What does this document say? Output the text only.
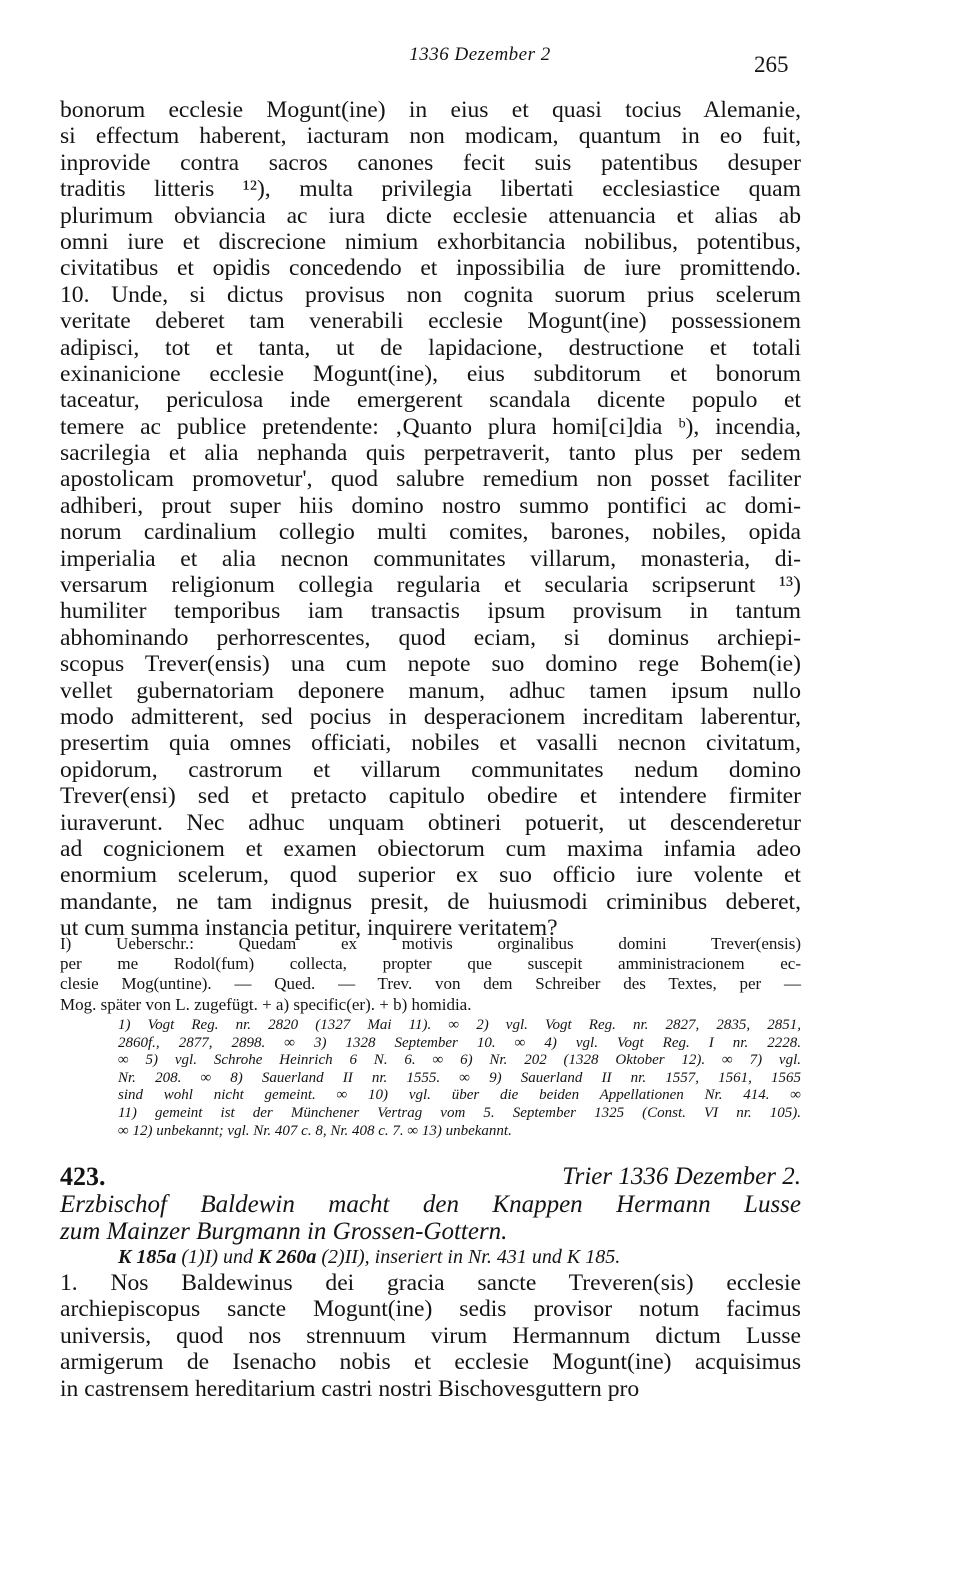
1336 Dezember 2	265
bonorum ecclesie Mogunt(ine) in eius et quasi tocius Alemanie,
si effectum haberent, iacturam non modicam, quantum in eo fuit,
inprovide contra sacros canones fecit suis patentibus desuper
traditis litteris ¹²), multa privilegia libertati ecclesiastice quam
plurimum obviancia ac iura dicte ecclesie attenuancia et alias ab
omni iure et discrecione nimium exhorbitancia nobilibus, potentibus,
civitatibus et opidis concedendo et inpossibilia de iure promittendo.
10. Unde, si dictus provisus non cognita suorum prius scelerum
veritate deberet tam venerabili ecclesie Mogunt(ine) possessionem
adipisci, tot et tanta, ut de lapidacione, destructione et totali
exinanicione ecclesie Mogunt(ine), eius subditorum et bonorum
taceatur, periculosa inde emergerent scandala dicente populo et
temere ac publice pretendente: ‚Quanto plura homi[ci]dia ᵇ), incendia,
sacrilegia et alia nephanda quis perpetraverit, tanto plus per sedem
apostolicam promovetur', quod salubre remedium non posset faciliter
adhiberi, prout super hiis domino nostro summo pontifici ac domi-
norum cardinalium collegio multi comites, barones, nobiles, opida
imperialia et alia necnon communitates villarum, monasteria, di-
versarum religionum collegia regularia et secularia scripserunt ¹³)
humiliter temporibus iam transactis ipsum provisum in tantum
abhominando perhorrescentes, quod eciam, si dominus archiepi-
scopus Trever(ensis) una cum nepote suo domino rege Bohem(ie)
vellet gubernatoriam deponere manum, adhuc tamen ipsum nullo
modo admitterent, sed pocius in desperacionem increditam laberentur,
presertim quia omnes officiati, nobiles et vasalli necnon civitatum,
opidorum, castrorum et villarum communitates nedum domino
Trever(ensi) sed et pretacto capitulo obedire et intendere firmiter
iuraverunt. Nec adhuc unquam obtineri potuerit, ut descenderetur
ad cognicionem et examen obiectorum cum maxima infamia adeo
enormium scelerum, quod superior ex suo officio iure volente et
mandante, ne tam indignus presit, de huiusmodi criminibus deberet,
ut cum summa instancia petitur, inquirere veritatem?
I) Ueberschr.: Quedam ex motivis orginalibus domini Trever(ensis)
per me Rodol(fum) collecta, propter que suscepit amministracionem ec-
clesie Mog(untine). — Qued. — Trev. von dem Schreiber des Textes, per —
Mog. später von L. zugefügt. + a) specific(er). + b) homidia.
1) Vogt Reg. nr. 2820 (1327 Mai 11). ∞ 2) vgl. Vogt Reg. nr. 2827, 2835, 2851,
2860f., 2877, 2898. ∞ 3) 1328 September 10. ∞ 4) vgl. Vogt Reg. I nr. 2228.
∞ 5) vgl. Schrohe Heinrich 6 N. 6. ∞ 6) Nr. 202 (1328 Oktober 12). ∞ 7) vgl.
Nr. 208. ∞ 8) Sauerland II nr. 1555. ∞ 9) Sauerland II nr. 1557, 1561, 1565
sind wohl nicht gemeint. ∞ 10) vgl. über die beiden Appellationen Nr. 414. ∞
11) gemeint ist der Münchener Vertrag vom 5. September 1325 (Const. VI nr. 105).
∞ 12) unbekannt; vgl. Nr. 407 c. 8, Nr. 408 c. 7. ∞ 13) unbekannt.
423.	Trier 1336 Dezember 2.
Erzbischof Baldewin macht den Knappen Hermann Lusse
zum Mainzer Burgmann in Grossen-Gottern.
K 185a (1)I) und K 260a (2)II), inseriert in Nr. 431 und K 185.
1. Nos Baldewinus dei gracia sancte Treveren(sis) ecclesie
archiepiscopus sancte Mogunt(ine) sedis provisor notum facimus
universis, quod nos strennuum virum Hermannum dictum Lusse
armigerum de Isenacho nobis et ecclesie Mogunt(ine) acquisimus
in castrensem hereditarium castri nostri Bischovesguttern pro
